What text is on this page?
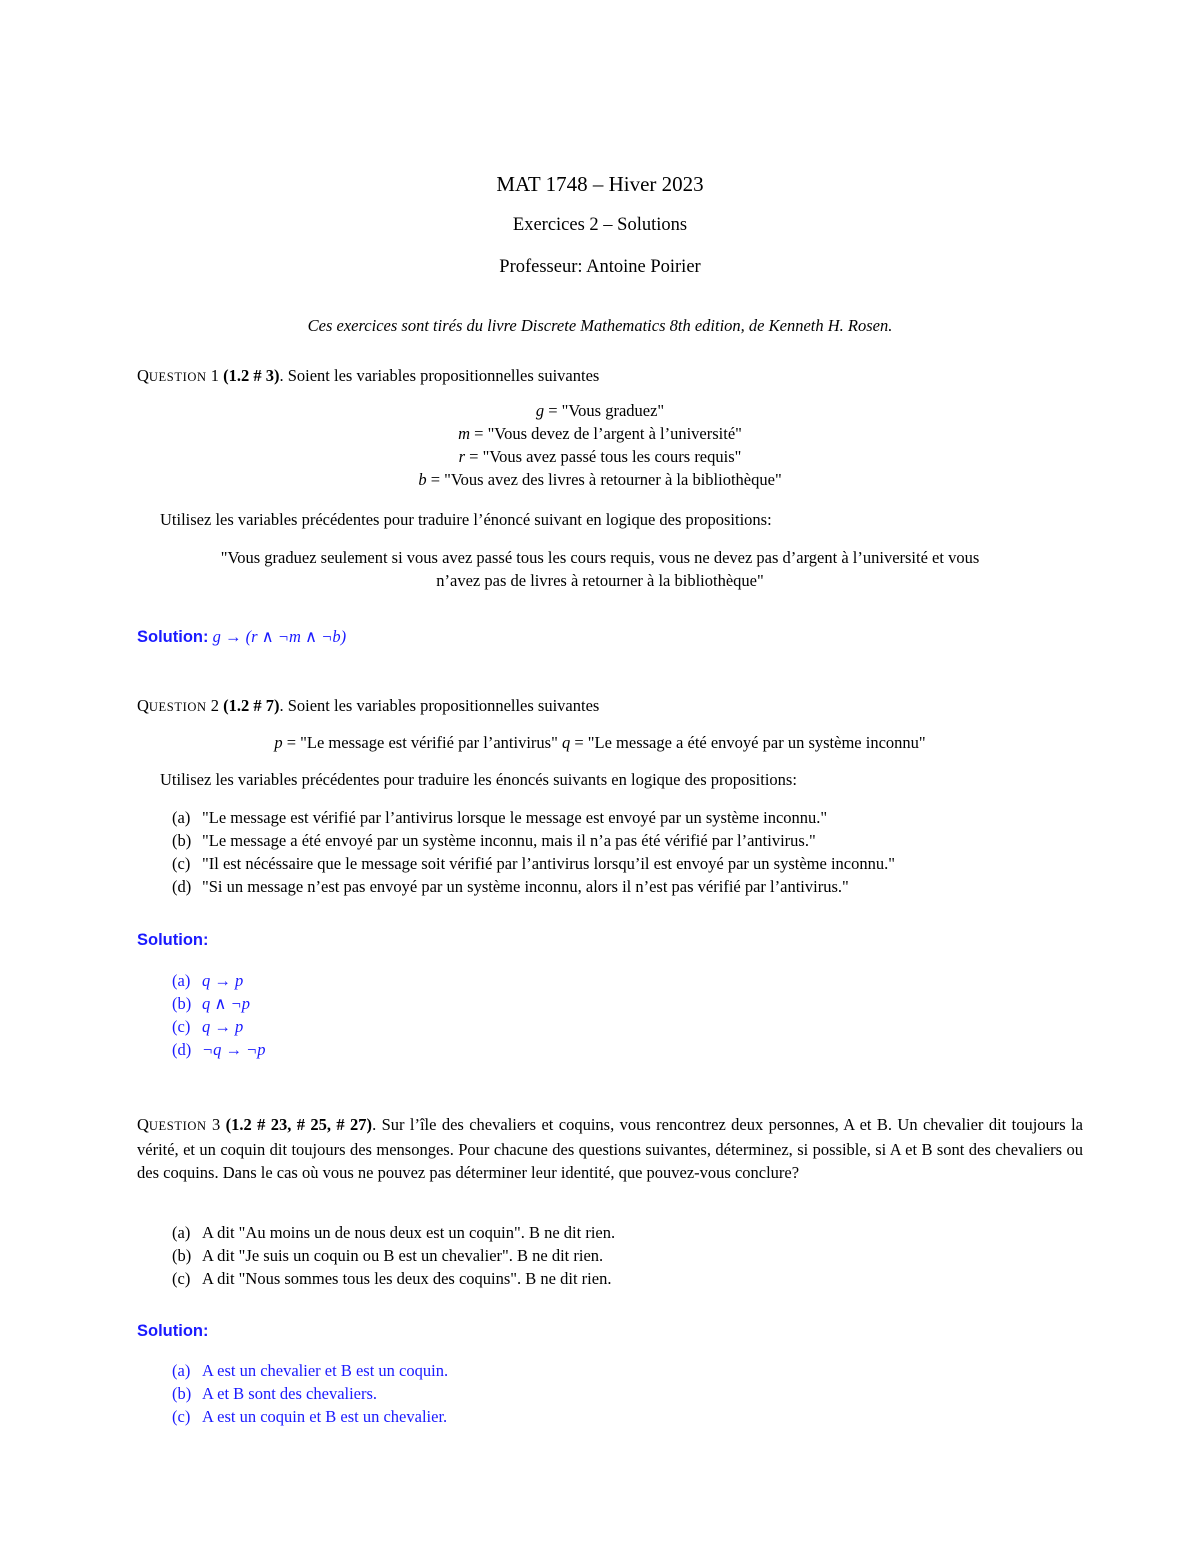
MAT 1748 – Hiver 2023
Exercices 2 – Solutions
Professeur: Antoine Poirier
Ces exercices sont tirés du livre Discrete Mathematics 8th edition, de Kenneth H. Rosen.
QUESTION 1 (1.2 # 3). Soient les variables propositionnelles suivantes
g = "Vous graduez"
m = "Vous devez de l’argent à l’université"
r = "Vous avez passé tous les cours requis"
b = "Vous avez des livres à retourner à la bibliothèque"
Utilisez les variables précédentes pour traduire l’énoncé suivant en logique des propositions:
"Vous graduez seulement si vous avez passé tous les cours requis, vous ne devez pas d’argent à l’université et vous
n’avez pas de livres à retourner à la bibliothèque"
Solution: g → (r ∧ ¬m ∧ ¬b)
QUESTION 2 (1.2 # 7). Soient les variables propositionnelles suivantes
p = "Le message est vérifié par l’antivirus" q = "Le message a été envoyé par un système inconnu"
Utilisez les variables précédentes pour traduire les énoncés suivants en logique des propositions:
(a) "Le message est vérifié par l’antivirus lorsque le message est envoyé par un système inconnu."
(b) "Le message a été envoyé par un système inconnu, mais il n’a pas été vérifié par l’antivirus."
(c) "Il est nécéssaire que le message soit vérifié par l’antivirus lorsqu’il est envoyé par un système inconnu."
(d) "Si un message n’est pas envoyé par un système inconnu, alors il n’est pas vérifié par l’antivirus."
Solution:
(a) q → p
(b) q ∧ ¬p
(c) q → p
(d) ¬q → ¬p
QUESTION 3 (1.2 # 23, # 25, # 27). Sur l’île des chevaliers et coquins, vous rencontrez deux personnes, A et B. Un chevalier dit toujours la vérité, et un coquin dit toujours des mensonges. Pour chacune des questions suivantes, déterminez, si possible, si A et B sont des chevaliers ou des coquins. Dans le cas où vous ne pouvez pas déterminer leur identité, que pouvez-vous conclure?
(a) A dit "Au moins un de nous deux est un coquin". B ne dit rien.
(b) A dit "Je suis un coquin ou B est un chevalier". B ne dit rien.
(c) A dit "Nous sommes tous les deux des coquins". B ne dit rien.
Solution:
(a) A est un chevalier et B est un coquin.
(b) A et B sont des chevaliers.
(c) A est un coquin et B est un chevalier.
